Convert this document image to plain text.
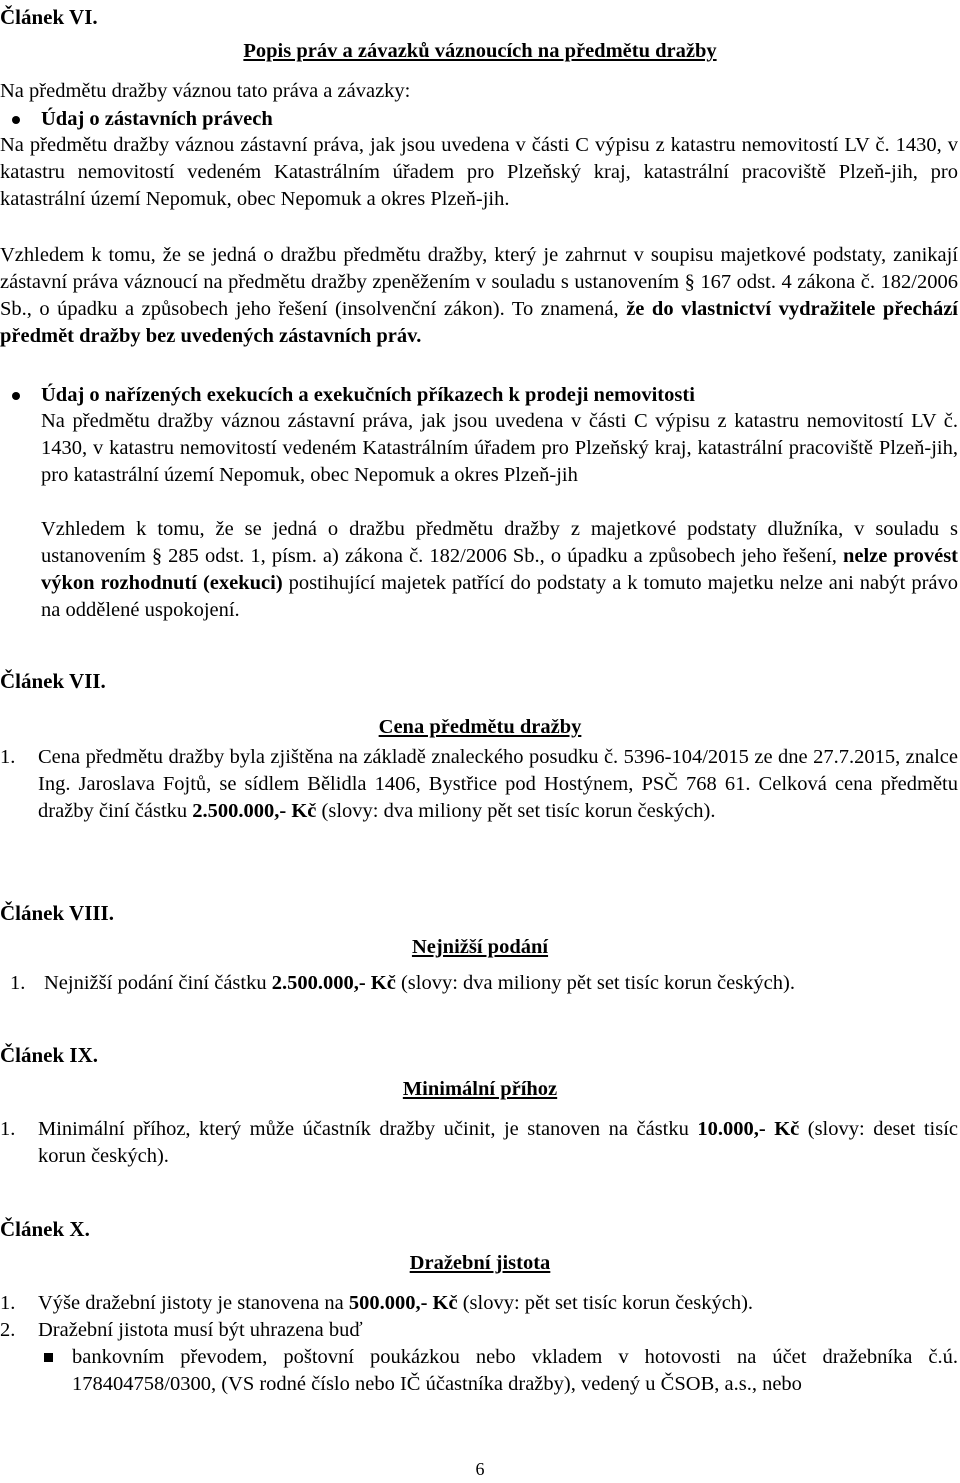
Článek VI.
Popis práv a závazků váznoucích na předmětu dražby

Na předmětu dražby váznou tato práva a závazky:

Údaj o zástavních právech

Na předmětu dražby váznou zástavní práva, jak jsou uvedena v části C výpisu z katastru nemovitostí LV č. 1430, v katastru nemovitostí vedeném Katastrálním úřadem pro Plzeňský kraj, katastrální pracoviště Plzeň-jih, pro katastrální území Nepomuk, obec Nepomuk a okres Plzeň-jih.

Vzhledem k tomu, že se jedná o dražbu předmětu dražby, který je zahrnut v soupisu majetkové podstaty, zanikají zástavní práva váznoucí na předmětu dražby zpeněžením v souladu s ustanovením § 167 odst. 4 zákona č. 182/2006 Sb., o úpadku a způsobech jeho řešení (insolvenční zákon). To znamená, že do vlastnictví vydražitele přechází předmět dražby bez uvedených zástavních práv.

Údaj o nařízených exekucích a exekučních příkazech k prodeji nemovitosti

Na předmětu dražby váznou zástavní práva, jak jsou uvedena v části C výpisu z katastru nemovitostí LV č. 1430, v katastru nemovitostí vedeném Katastrálním úřadem pro Plzeňský kraj, katastrální pracoviště Plzeň-jih, pro katastrální území Nepomuk, obec Nepomuk a okres Plzeň-jih

Vzhledem k tomu, že se jedná o dražbu předmětu dražby z majetkové podstaty dlužníka, v souladu s ustanovením § 285 odst. 1, písm. a) zákona č. 182/2006 Sb., o úpadku a způsobech jeho řešení, nelze provést výkon rozhodnutí (exekuci) postihující majetek patřící do podstaty a k tomuto majetku nelze ani nabýt právo na oddělené uspokojení.

Článek VII.
Cena předmětu dražby
1. Cena předmětu dražby byla zjištěna na základě znaleckého posudku č. 5396-104/2015 ze dne 27.7.2015, znalce Ing. Jaroslava Fojtů, se sídlem Bělidla 1406, Bystřice pod Hostýnem, PSČ 768 61. Celková cena předmětu dražby činí částku 2.500.000,- Kč (slovy: dva miliony pět set tisíc korun českých).

Článek VIII.
Nejnižší podání
1. Nejnižší podání činí částku 2.500.000,- Kč (slovy: dva miliony pět set tisíc korun českých).

Článek IX.
Minimální příhoz
1. Minimální příhoz, který může účastník dražby učinit, je stanoven na částku 10.000,- Kč (slovy: deset tisíc korun českých).

Článek X.
Dražební jistota
1. Výše dražební jistoty je stanovena na 500.000,- Kč (slovy: pět set tisíc korun českých).

2. Dražební jistota musí být uhrazena buď

bankovním převodem, poštovní poukázkou nebo vkladem v hotovosti na účet dražebníka č.ú. 178404758/0300, (VS rodné číslo nebo IČ účastníka dražby), vedený u ČSOB, a.s., nebo

6
